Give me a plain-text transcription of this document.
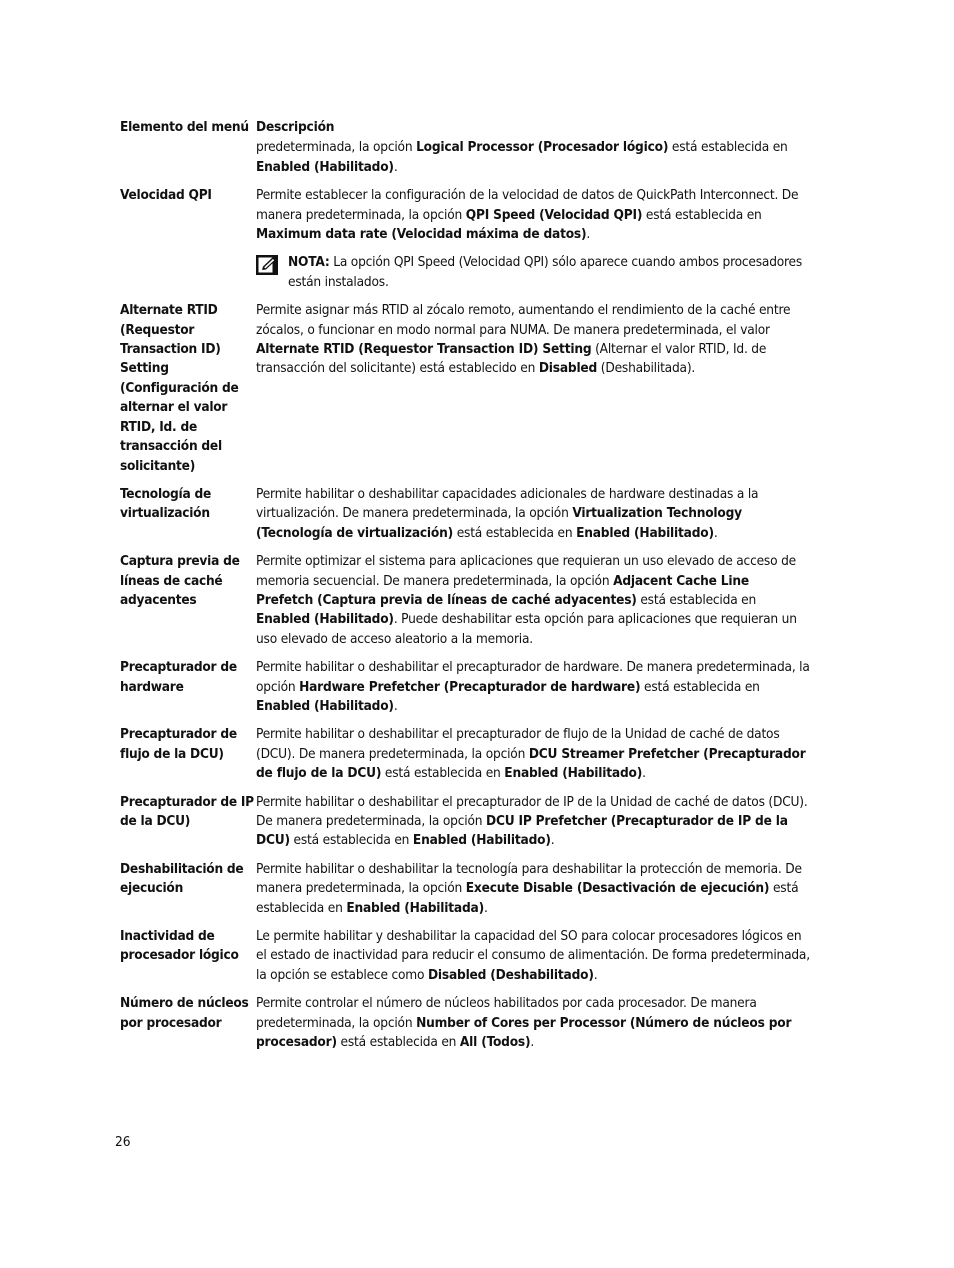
Elemento del menú Descripción
predeterminada, la opción Logical Processor (Procesador lógico) está establecida en Enabled (Habilitado).
Velocidad QPI	Permite establecer la configuración de la velocidad de datos de QuickPath Interconnect. De manera predeterminada, la opción QPI Speed (Velocidad QPI) está establecida en Maximum data rate (Velocidad máxima de datos).
NOTA: La opción QPI Speed (Velocidad QPI) sólo aparece cuando ambos procesadores están instalados.
Alternate RTID (Requestor Transaction ID) Setting (Configuración de alternar el valor RTID, Id. de transacción del solicitante)
Permite asignar más RTID al zócalo remoto, aumentando el rendimiento de la caché entre zócalos, o funcionar en modo normal para NUMA. De manera predeterminada, el valor Alternate RTID (Requestor Transaction ID) Setting (Alternar el valor RTID, Id. de transacción del solicitante) está establecido en Disabled (Deshabilitada).
Tecnología de virtualización
Permite habilitar o deshabilitar capacidades adicionales de hardware destinadas a la virtualización. De manera predeterminada, la opción Virtualization Technology (Tecnología de virtualización) está establecida en Enabled (Habilitado).
Captura previa de líneas de caché adyacentes
Permite optimizar el sistema para aplicaciones que requieran un uso elevado de acceso de memoria secuencial. De manera predeterminada, la opción Adjacent Cache Line Prefetch (Captura previa de líneas de caché adyacentes) está establecida en Enabled (Habilitado). Puede deshabilitar esta opción para aplicaciones que requieran un uso elevado de acceso aleatorio a la memoria.
Precapturador de hardware
Permite habilitar o deshabilitar el precapturador de hardware. De manera predeterminada, la opción Hardware Prefetcher (Precapturador de hardware) está establecida en Enabled (Habilitado).
Precapturador de flujo de la DCU)
Permite habilitar o deshabilitar el precapturador de flujo de la Unidad de caché de datos (DCU). De manera predeterminada, la opción DCU Streamer Prefetcher (Precapturador de flujo de la DCU) está establecida en Enabled (Habilitado).
Precapturador de IP de la DCU)
Permite habilitar o deshabilitar el precapturador de IP de la Unidad de caché de datos (DCU). De manera predeterminada, la opción DCU IP Prefetcher (Precapturador de IP de la DCU) está establecida en Enabled (Habilitado).
Deshabilitación de ejecución
Permite habilitar o deshabilitar la tecnología para deshabilitar la protección de memoria. De manera predeterminada, la opción Execute Disable (Desactivación de ejecución) está establecida en Enabled (Habilitada).
Inactividad de procesador lógico
Le permite habilitar y deshabilitar la capacidad del SO para colocar procesadores lógicos en el estado de inactividad para reducir el consumo de alimentación. De forma predeterminada, la opción se establece como Disabled (Deshabilitado).
Número de núcleos por procesador
Permite controlar el número de núcleos habilitados por cada procesador. De manera predeterminada, la opción Number of Cores per Processor (Número de núcleos por procesador) está establecida en All (Todos).
26
